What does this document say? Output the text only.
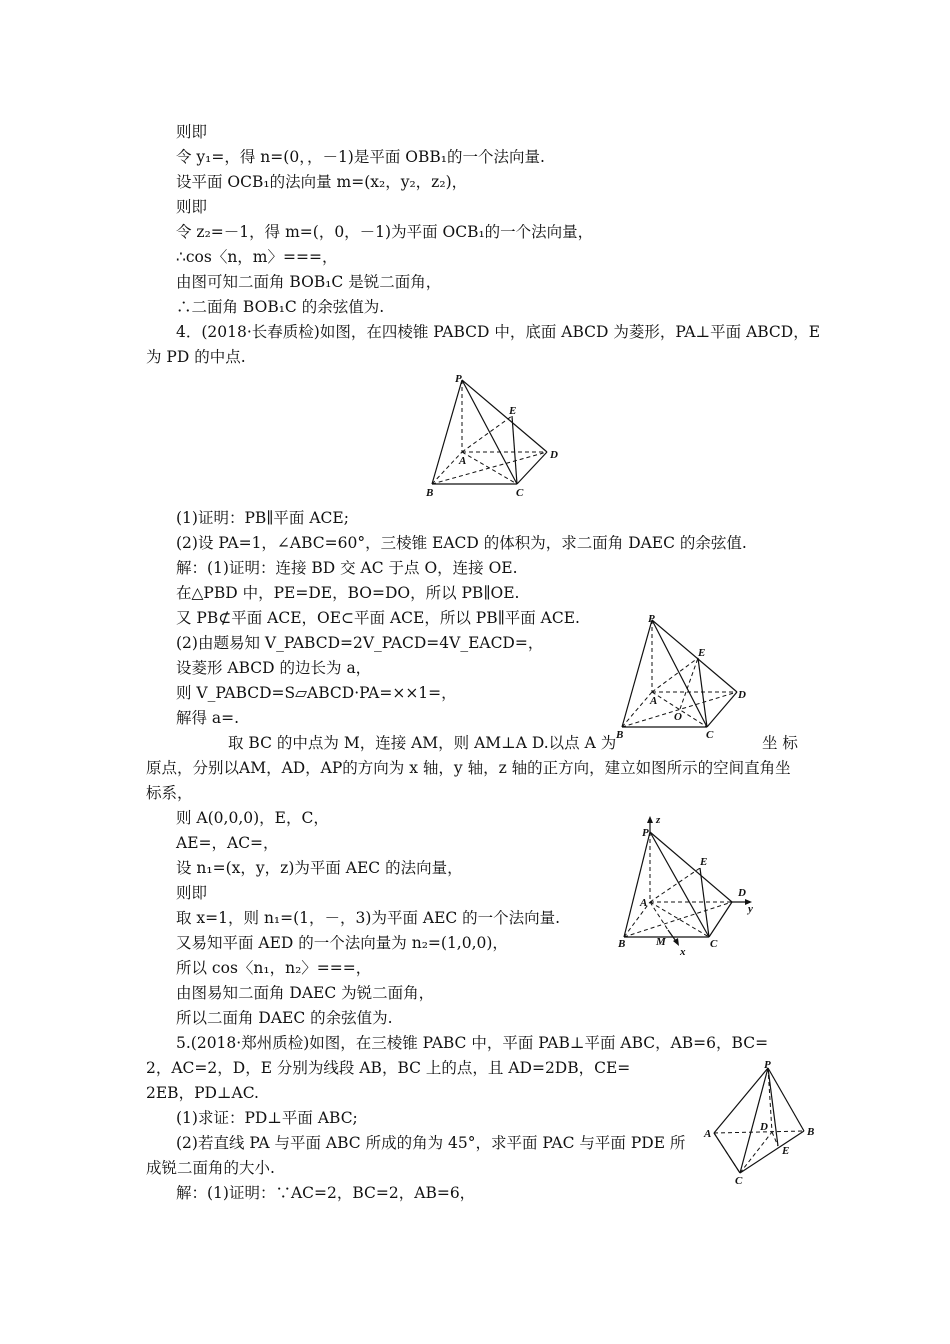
则即
令 y₁=，得 n=(0，，－1)是平面 OBB₁的一个法向量.
设平面 OCB₁的法向量 m=(x₂，y₂，z₂)，
则即
令 z₂=－1，得 m=(，0，－1)为平面 OCB₁的一个法向量，
∴cos〈n，m〉===，
由图可知二面角 BOB₁C 是锐二面角，
∴二面角 BOB₁C 的余弦值为.
4．(2018·长春质检)如图，在四棱锥 PABCD 中，底面 ABCD 为菱形，PA⊥平面 ABCD，E
为 PD 的中点.
(1)证明：PB∥平面 ACE;
(2)设 PA=1，∠ABC=60°，三棱锥 EACD 的体积为，求二面角 DAEC 的余弦值.
解：(1)证明：连接 BD 交 AC 于点 O，连接 OE.
在△PBD 中，PE=DE，BO=DO，所以 PB∥OE.
又 PB⊄平面 ACE，OE⊂平面 ACE，所以 PB∥平面 ACE.
(2)由题易知 V_PABCD=2V_PACD=4V_EACD=，
设菱形 ABCD 的边长为 a，
则 V_PABCD=S▱ABCD·PA=××1=，
解得 a=.
取 BC 的中点为 M，连接 AM，则 AM⊥A D.以点 A 为	坐 标
原点，分别以AM，AD，AP的方向为 x 轴，y 轴，z 轴的正方向，建立如图所示的空间直角坐
标系，
则 A(0,0,0)，E，C，
AE=，AC=，
设 n₁=(x，y，z)为平面 AEC 的法向量，
则即
取 x=1，则 n₁=(1，－，3)为平面 AEC 的一个法向量.
又易知平面 AED 的一个法向量为 n₂=(1,0,0)，
所以 cos〈n₁，n₂〉===，
由图易知二面角 DAEC 为锐二面角，
所以二面角 DAEC 的余弦值为.
5.(2018·郑州质检)如图，在三棱锥 PABC 中，平面 PAB⊥平面 ABC，AB=6，BC=
2，AC=2，D，E 分别为线段 AB，BC 上的点，且 AD=2DB，CE=
2EB，PD⊥AC.
(1)求证：PD⊥平面 ABC;
(2)若直线 PA 与平面 ABC 所成的角为 45°，求平面 PAC 与平面 PDE 所
成锐二面角的大小.
解：(1)证明：∵AC=2，BC=2，AB=6，
P
E
A	D
B	C
P
E
A
O
D
B	C
z
P
E
A
D
y
B	M
x
C
P
A
D	B
E
C
